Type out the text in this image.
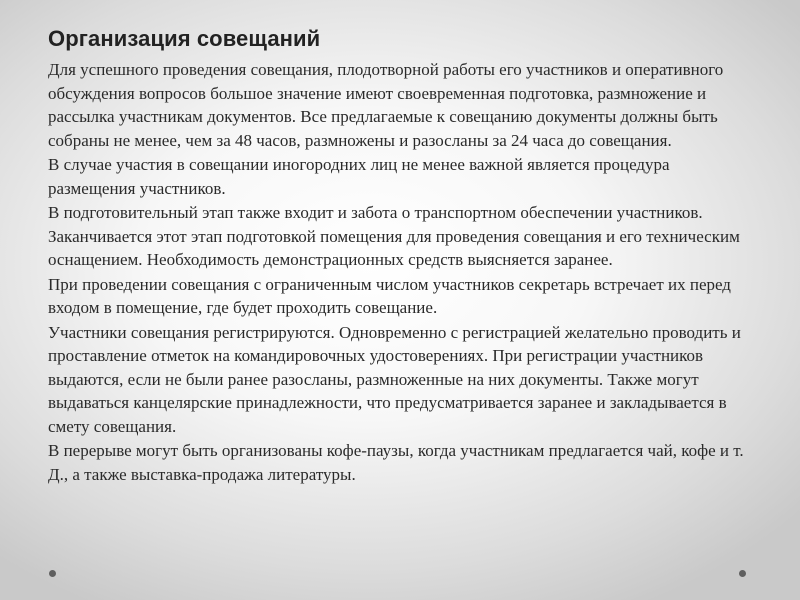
Организация совещаний

Для успешного проведения совещания, плодотворной работы его участников и оперативного обсуждения вопросов большое значение имеют своевременная подготовка, размножение и рассылка участникам документов. Все предлагаемые к совещанию документы должны быть собраны не менее, чем за 48 часов, размножены и разосланы за 24 часа до совещания.

В случае участия в совещании иногородних лиц не менее важной является процедура размещения участников.

В подготовительный этап также входит и забота о транспортном обеспечении участников. Заканчивается этот этап подготовкой помещения для проведения совещания и его техническим оснащением. Необходимость демонстрационных средств выясняется заранее.

При проведении совещания с ограниченным числом участников секретарь встречает их перед входом в помещение, где будет проходить совещание.

Участники совещания регистрируются. Одновременно с регистрацией желательно проводить и проставление отметок на командировочных удостоверениях. При регистрации участников выдаются, если не были ранее разосланы, размноженные на них документы. Также могут выдаваться канцелярские принадлежности, что предусматривается заранее и закладывается в смету совещания.

В перерыве могут быть организованы кофе-паузы, когда участникам предлагается чай, кофе и т. Д., а также выставка-продажа литературы.
